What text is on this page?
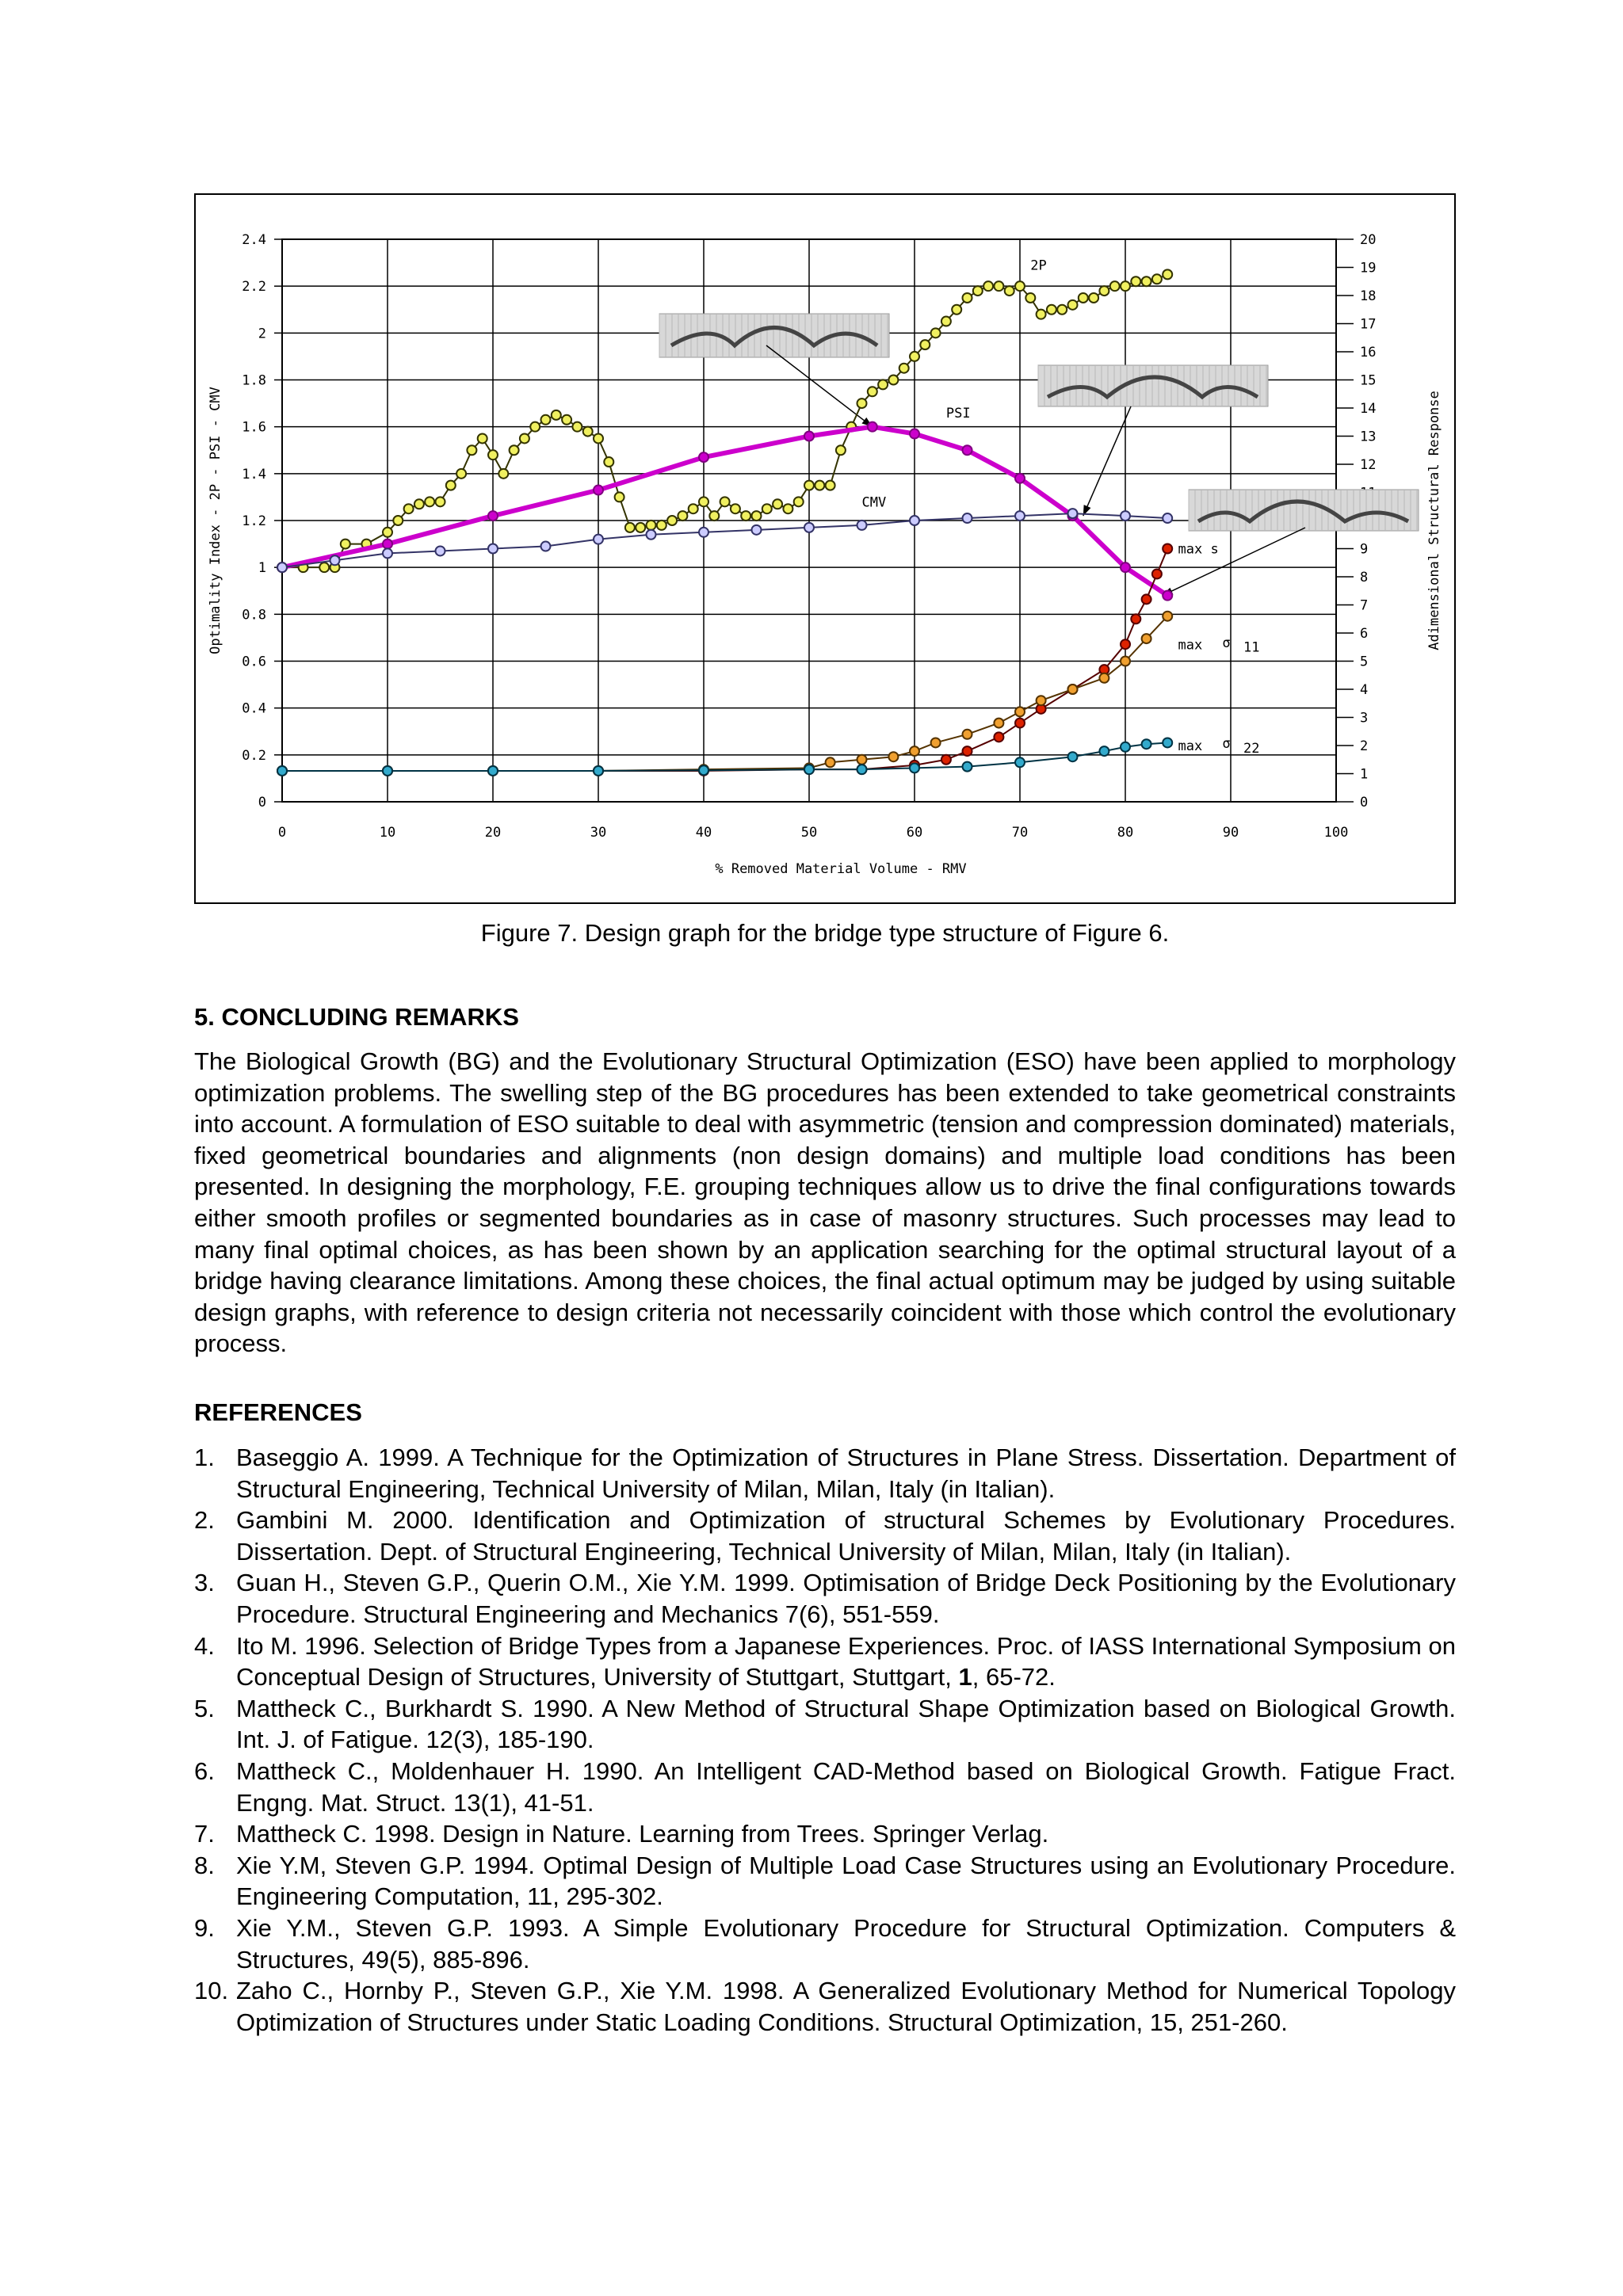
0	10	20	30	40	50	60	70	80	90	100
0
0.2
0.4
0.6
0.8
1
1.2
1.4
1.6
1.8
2
2.2
2.4
0
1
2
3
4
5
6
7
8
9
12
13
14
15
16
17
18
19
20
% Removed Material Volume - RMV
Optimality Index - 2P - PSI - CMV	Adimensional Structural Response
2P
PSI
CMV
max s
max σ 11
max σ 22
Figure 7. Design graph for the bridge type structure of Figure 6.
5. CONCLUDING REMARKS
The Biological Growth (BG) and the Evolutionary Structural Optimization (ESO) have been applied to morphology optimization problems. The swelling step of the BG procedures has been extended to take geometrical constraints into account. A formulation of ESO suitable to deal with asymmetric (tension and compression dominated) materials, fixed geometrical boundaries and alignments (non design domains) and multiple load conditions has been presented. In designing the morphology, F.E. grouping techniques allow us to drive the final configurations towards either smooth profiles or segmented boundaries as in case of masonry structures. Such processes may lead to many final optimal choices, as has been shown by an application searching for the optimal structural layout of a bridge having clearance limitations. Among these choices, the final actual optimum may be judged by using suitable design graphs, with reference to design criteria not necessarily coincident with those which control the evolutionary process.
REFERENCES
1. Baseggio A. 1999. A Technique for the Optimization of Structures in Plane Stress. Dissertation. Department of Structural Engineering, Technical University of Milan, Milan, Italy (in Italian).
2. Gambini M. 2000. Identification and Optimization of structural Schemes by Evolutionary Procedures. Dissertation. Dept. of Structural Engineering, Technical University of Milan, Milan, Italy (in Italian).
3. Guan H., Steven G.P., Querin O.M., Xie Y.M. 1999. Optimisation of Bridge Deck Positioning by the Evolutionary Procedure. Structural Engineering and Mechanics 7(6), 551-559.
4. Ito M. 1996. Selection of Bridge Types from a Japanese Experiences. Proc. of IASS International Symposium on Conceptual Design of Structures, University of Stuttgart, Stuttgart, 1, 65-72.
5. Mattheck C., Burkhardt S. 1990. A New Method of Structural Shape Optimization based on Biological Growth. Int. J. of Fatigue. 12(3), 185-190.
6. Mattheck C., Moldenhauer H. 1990. An Intelligent CAD-Method based on Biological Growth. Fatigue Fract. Engng. Mat. Struct. 13(1), 41-51.
7. Mattheck C. 1998. Design in Nature. Learning from Trees. Springer Verlag.
8. Xie Y.M, Steven G.P. 1994. Optimal Design of Multiple Load Case Structures using an Evolutionary Procedure. Engineering Computation, 11, 295-302.
9. Xie Y.M., Steven G.P. 1993. A Simple Evolutionary Procedure for Structural Optimization. Computers & Structures, 49(5), 885-896.
10. Zaho C., Hornby P., Steven G.P., Xie Y.M. 1998. A Generalized Evolutionary Method for Numerical Topology Optimization of Structures under Static Loading Conditions. Structural Optimization, 15, 251-260.
